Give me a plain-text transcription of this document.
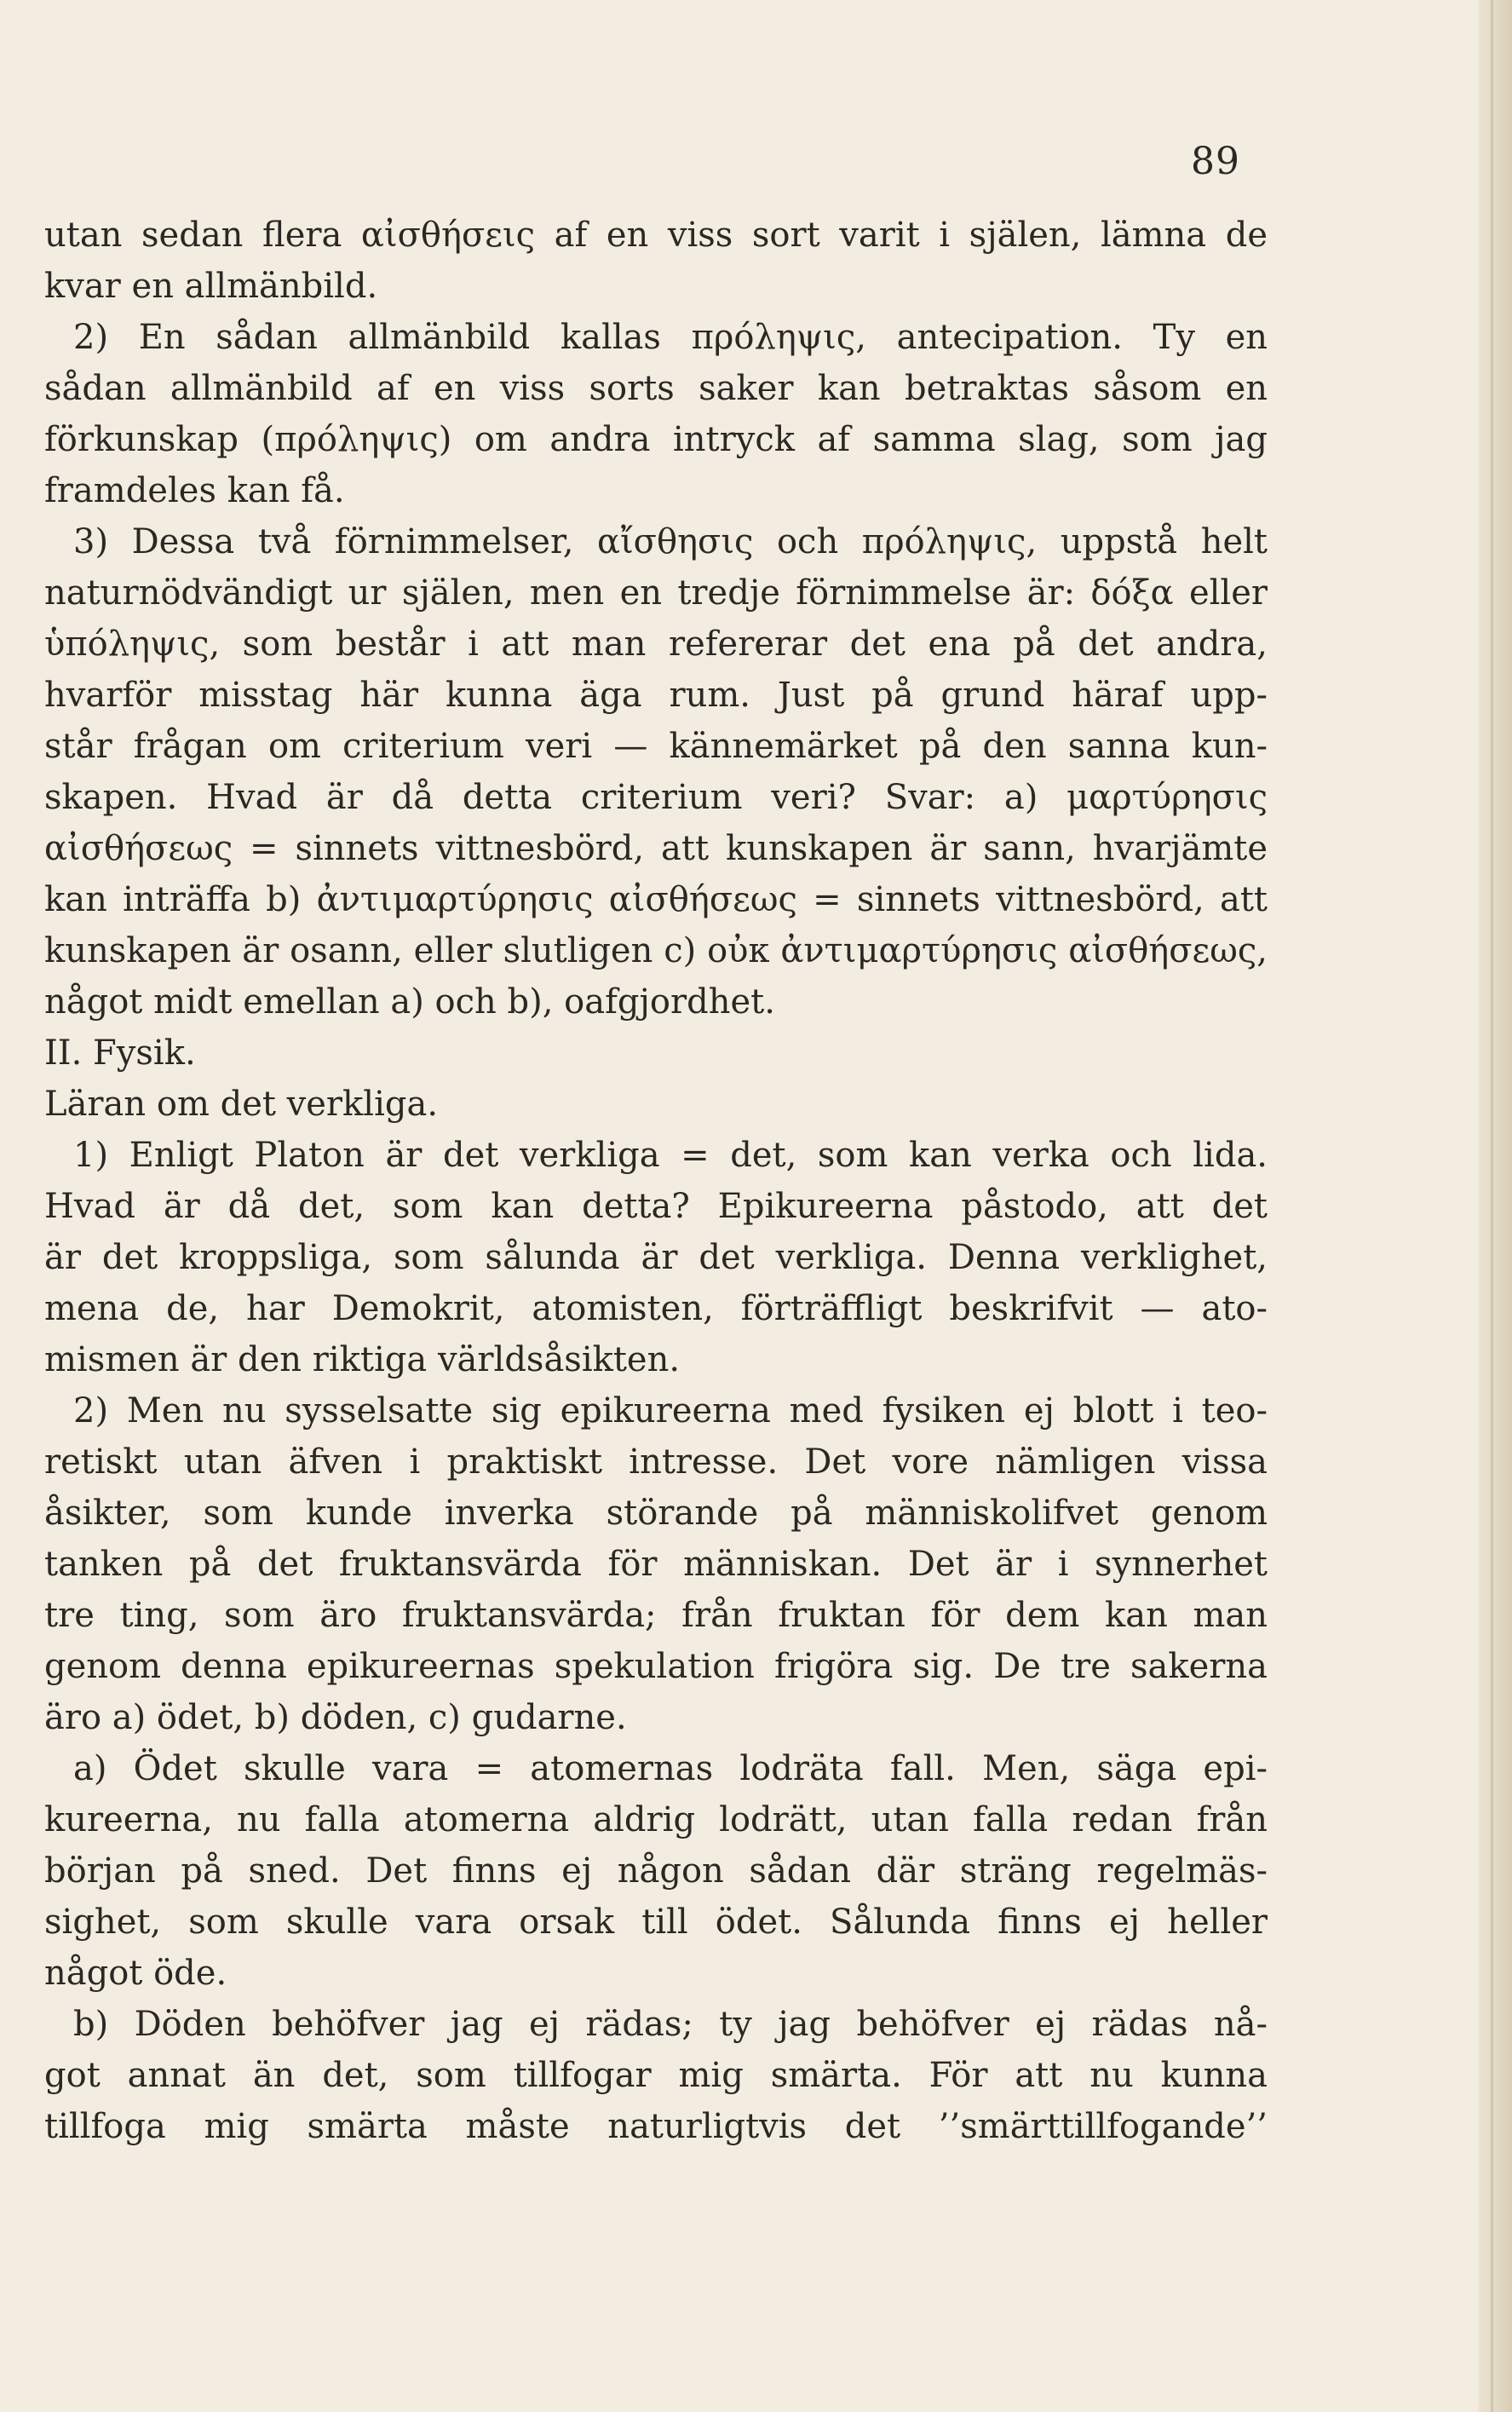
89
utan sedan flera αἰσθήσεις af en viss sort varit i själen, lämna de
kvar en allmänbild.
2) En sådan allmänbild kallas πρόληψις, antecipation. Ty en
sådan allmänbild af en viss sorts saker kan betraktas såsom en
förkunskap (πρόληψις) om andra intryck af samma slag, som jag
framdeles kan få.
3) Dessa två förnimmelser, αἴσθησις och πρόληψις, uppstå helt
naturnödvändigt ur själen, men en tredje förnimmelse är: δόξα eller
ὑπόληψις, som består i att man refererar det ena på det andra,
hvarför misstag här kunna äga rum. Just på grund häraf upp-
står frågan om criterium veri — kännemärket på den sanna kun-
skapen. Hvad är då detta criterium veri? Svar: a) μαρτύρησις
αἰσθήσεως = sinnets vittnesbörd, att kunskapen är sann, hvarjämte
kan inträffa b) ἀντιμαρτύρησις αἰσθήσεως = sinnets vittnesbörd, att
kunskapen är osann, eller slutligen c) οὐκ ἀντιμαρτύρησις αἰσθήσεως,
något midt emellan a) och b), oafgjordhet.
II. Fysik.
Läran om det verkliga.
1) Enligt Platon är det verkliga = det, som kan verka och lida.
Hvad är då det, som kan detta? Epikureerna påstodo, att det
är det kroppsliga, som sålunda är det verkliga. Denna verklighet,
mena de, har Demokrit, atomisten, förträffligt beskrifvit — ato-
mismen är den riktiga världsåsikten.
2) Men nu sysselsatte sig epikureerna med fysiken ej blott i teo-
retiskt utan äfven i praktiskt intresse. Det vore nämligen vissa
åsikter, som kunde inverka störande på människolifvet genom
tanken på det fruktansvärda för människan. Det är i synnerhet
tre ting, som äro fruktansvärda; från fruktan för dem kan man
genom denna epikureernas spekulation frigöra sig. De tre sakerna
äro a) ödet, b) döden, c) gudarne.
a) Ödet skulle vara = atomernas lodräta fall. Men, säga epi-
kureerna, nu falla atomerna aldrig lodrätt, utan falla redan från
början på sned. Det finns ej någon sådan där sträng regelmäs-
sighet, som skulle vara orsak till ödet. Sålunda finns ej heller
något öde.
b) Döden behöfver jag ej rädas; ty jag behöfver ej rädas nå-
got annat än det, som tillfogar mig smärta. För att nu kunna
tillfoga mig smärta måste naturligtvis det ’’smärttillfogande’’
